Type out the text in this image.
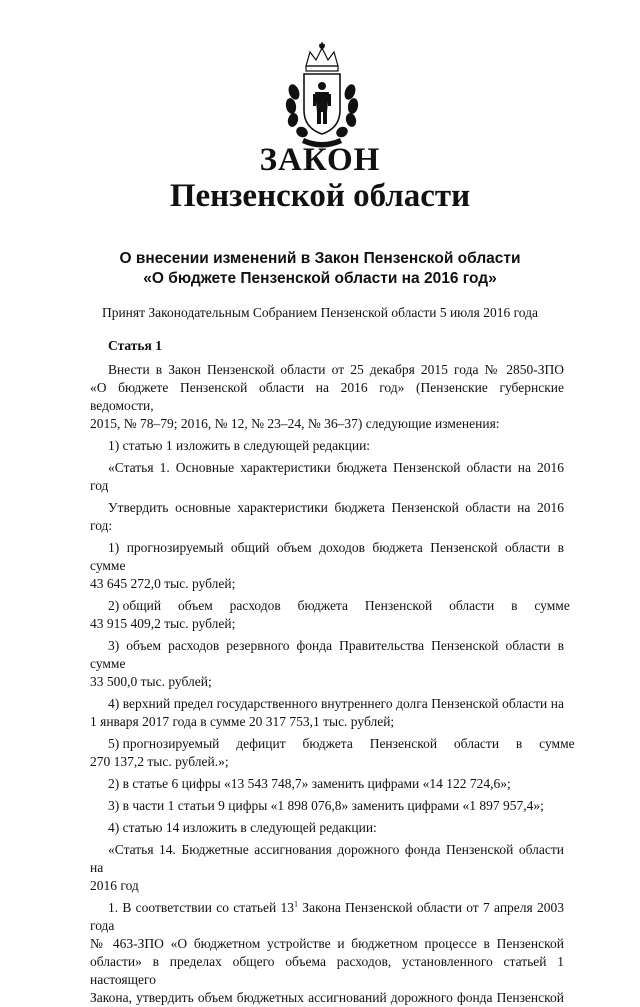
ЗАКОН
Пензенской области
О внесении изменений в Закон Пензенской области
«О бюджете Пензенской области на 2016 год»
Принят Законодательным Собранием Пензенской области 5 июля 2016 года
Статья 1

Внести в Закон Пензенской области от 25 декабря 2015 года № 2850-ЗПО

«О бюджете Пензенской области на 2016 год» (Пензенские губернские ведомости,
2015, № 78–79; 2016, № 12, № 23–24, № 36–37) следующие изменения:

1) статью 1 изложить в следующей редакции:

«Статья 1. Основные характеристики бюджета Пензенской области на 2016 год

Утвердить основные характеристики бюджета Пензенской области на 2016 год:

1) прогнозируемый общий объем доходов бюджета Пензенской области в сумме

43 645 272,0 тыс. рублей;

2) общий     объем     расходов     бюджета     Пензенской     области     в     сумме

43 915 409,2 тыс. рублей;

3) объем расходов резервного фонда Правительства Пензенской области в сумме

33 500,0 тыс. рублей;

4) верхний предел государственного внутреннего долга Пензенской области на

1 января 2017 года в сумме 20 317 753,1 тыс. рублей;

5) прогнозируемый     дефицит     бюджета     Пензенской     области     в     сумме

270 137,2 тыс. рублей.»;

2) в статье 6 цифры «13 543 748,7» заменить цифрами «14 122 724,6»;

3) в части 1 статьи 9 цифры «1 898 076,8» заменить цифрами «1 897 957,4»;

4) статью 14 изложить в следующей редакции:

«Статья 14. Бюджетные ассигнования дорожного фонда Пензенской области на

2016 год

1. В соответствии со статьей $13^1$ Закона Пензенской области от 7 апреля 2003 года

№ 463-ЗПО «О бюджетном устройстве и бюджетном процессе в Пензенской
области» в пределах общего объема расходов, установленного статьей 1 настоящего
Закона, утвердить объем бюджетных ассигнований дорожного фонда Пензенской
